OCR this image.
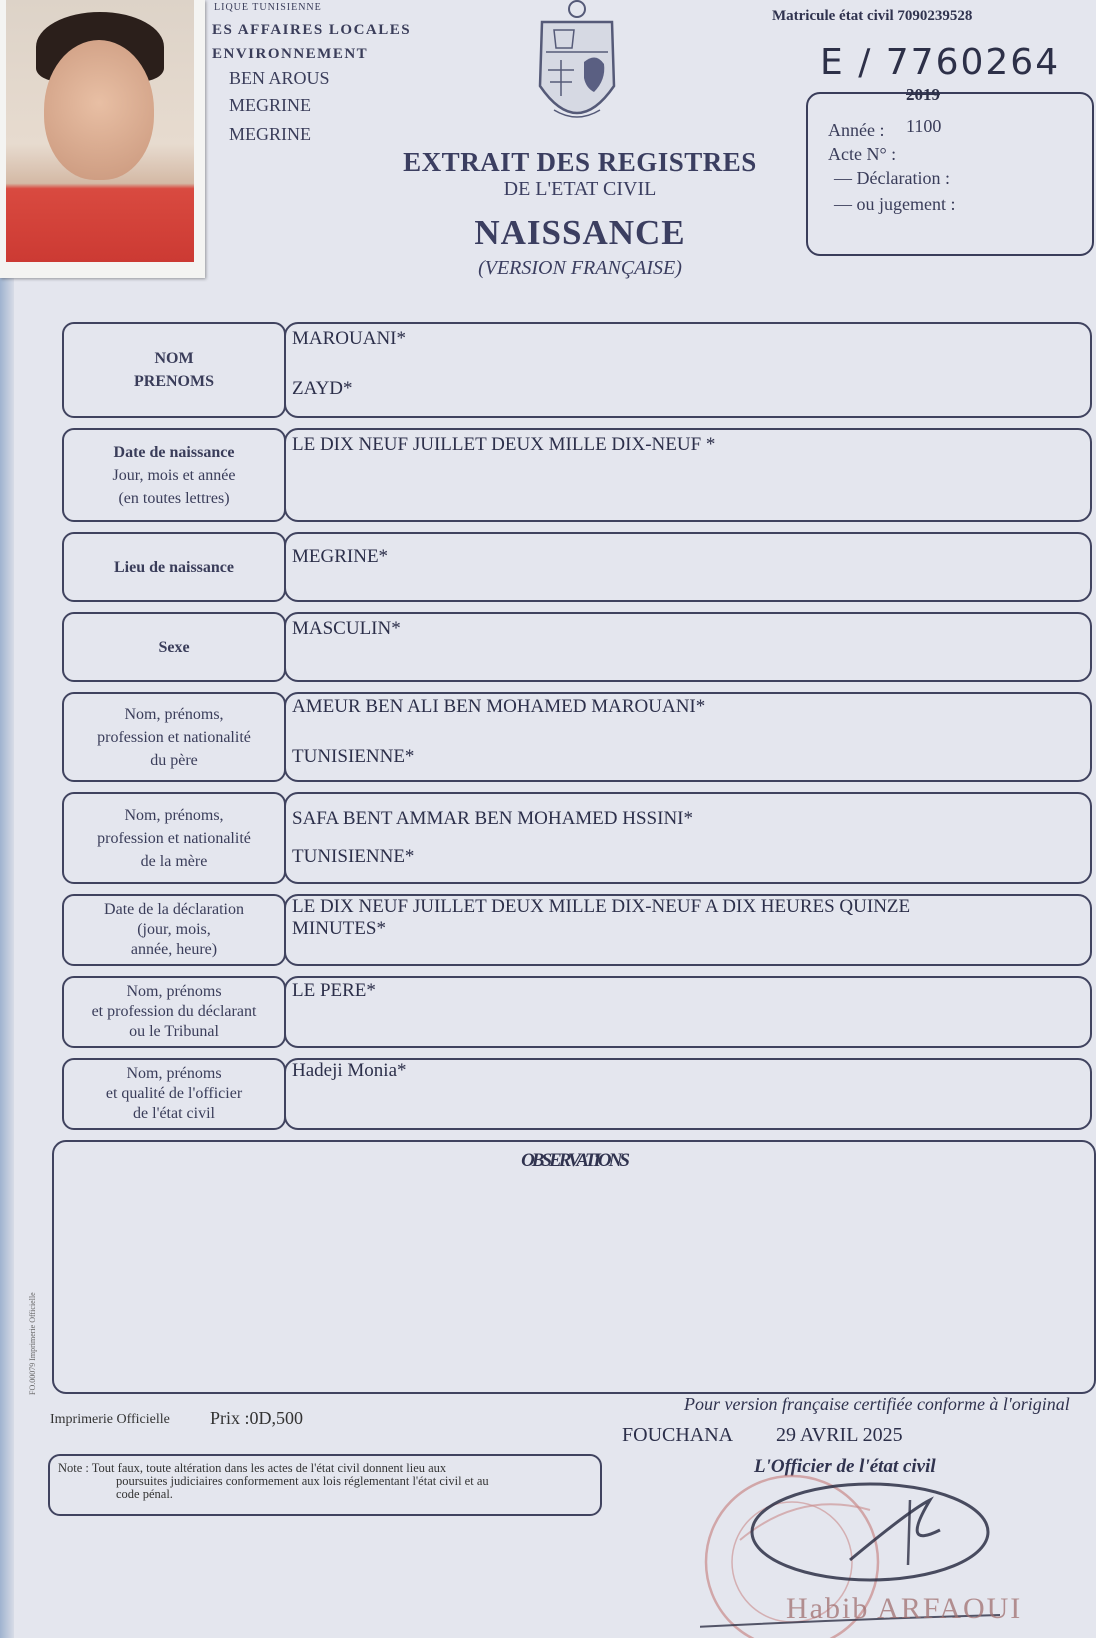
LIQUE TUNISIENNE
ES AFFAIRES LOCALES
ENVIRONNEMENT
BEN AROUS
MEGRINE
MEGRINE
EXTRAIT DES REGISTRES
DE L'ETAT CIVIL
NAISSANCE
(VERSION FRANÇAISE)
Matricule état civil 7090239528
E / 7760264
2019
Année : 1100
Acte N° :
— Déclaration :
— ou jugement :
NOM
PRENOMS
MAROUANI*
ZAYD*
Date de naissance
Jour, mois et année
(en toutes lettres)
LE DIX NEUF JUILLET DEUX MILLE DIX-NEUF *
Lieu de naissance	MEGRINE*
Sexe
MASCULIN*
Nom, prénoms,
profession et nationalité
du père
AMEUR BEN ALI BEN MOHAMED MAROUANI*
TUNISIENNE*
Nom, prénoms,
profession et nationalité
de la mère
SAFA BENT AMMAR BEN MOHAMED HSSINI*
TUNISIENNE*
Date de la déclaration
(jour, mois,
année, heure)
LE DIX NEUF JUILLET DEUX MILLE DIX-NEUF A DIX HEURES QUINZE
MINUTES*
Nom, prénoms
et profession du déclarant
ou le Tribunal
LE PERE*
Nom, prénoms
et qualité de l'officier
de l'état civil
Hadeji Monia*
OBSERVATIONS
FO.00079 Imprimerie Officielle
Imprimerie Officielle Prix :0D,500
Pour version française certifiée conforme à l'original
FOUCHANA 29 AVRIL 2025
L'Officier de l'état civil
Note : Tout faux, toute altération dans les actes de l'état civil donnent lieu aux
poursuites judiciaires conformement aux lois réglementant l'état civil et au
code pénal.
Habib ARFAOUI
